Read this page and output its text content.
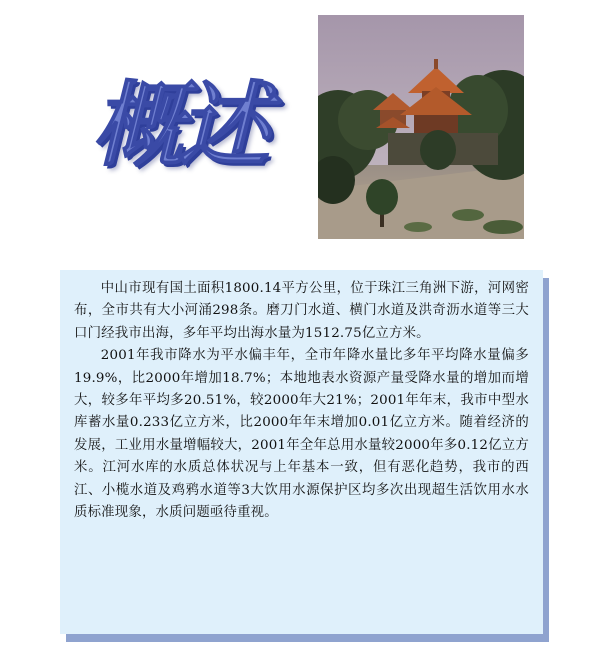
概述

中山市现有国土面积1800.14平方公里，位于珠江三角洲下游，河网密布，全市共有大小河涌298条。磨刀门水道、横门水道及洪奇沥水道等三大口门经我市出海，多年平均出海水量为1512.75亿立方米。

2001年我市降水为平水偏丰年，全市年降水量比多年平均降水量偏多19.9%，比2000年增加18.7%；本地地表水资源产量受降水量的增加而增大，较多年平均多20.51%，较2000年大21%；2001年年末，我市中型水库蓄水量0.233亿立方米，比2000年年末增加0.01亿立方米。随着经济的发展，工业用水量增幅较大，2001年全年总用水量较2000年多0.12亿立方米。江河水库的水质总体状况与上年基本一致，但有恶化趋势，我市的西江、小榄水道及鸡鸦水道等3大饮用水源保护区均多次出现超生活饮用水水质标准现象，水质问题亟待重视。
